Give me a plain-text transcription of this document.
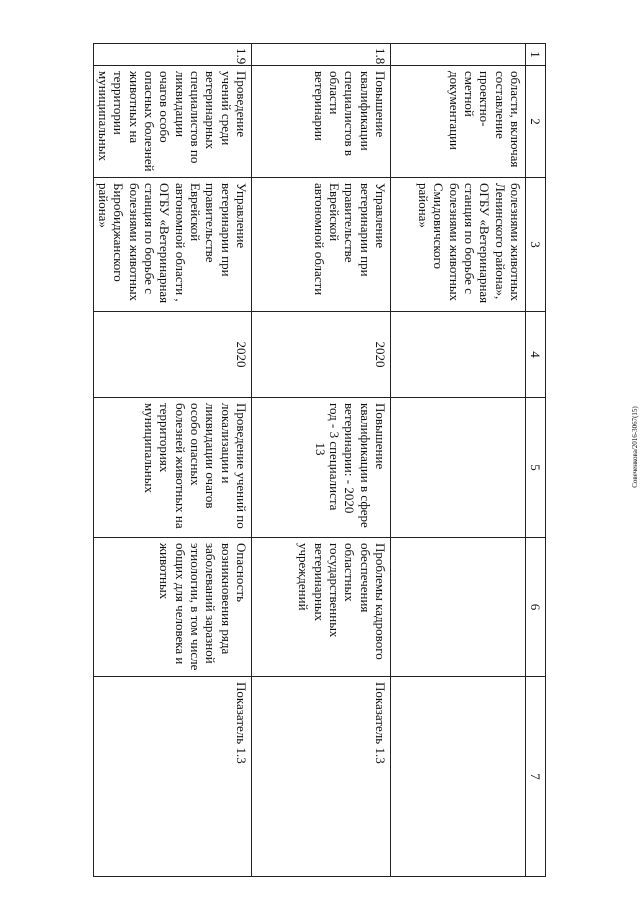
13	Совеченкова/2016-3067(15)
1	2	3	4	5	6	7
	области, включая составление проектно-сметной документации	болезнями животных Ленинского района», ОГБУ «Ветеринарная станция по борьбе с болезнями животных Смидовичского района»				
1.8	Повышение квалификации специалистов в области ветеринарии	Управление ветеринарии при правительстве Еврейской автономной области	2020	Повышение квалификации в сфере ветеринарии: - 2020 год - 3 специалиста	Проблемы кадрового обеспечения областных государственных ветеринарных учреждений	Показатель 1.3
1.9	Проведение учений среди ветеринарных специалистов по ликвидации очагов особо опасных болезней животных на территории муниципальных	Управление ветеринарии при правительстве Еврейской автономной области , ОГБУ «Ветеринарная станция по борьбе с болезнями животных Биробиджанского района»	2020	Проведение учений по локализации и ликвидации очагов особо опасных болезней животных на территориях муниципальных	Опасность возникновения ряда заболеваний заразной этиологии, в том числе общих для человека и животных	Показатель 1.3
